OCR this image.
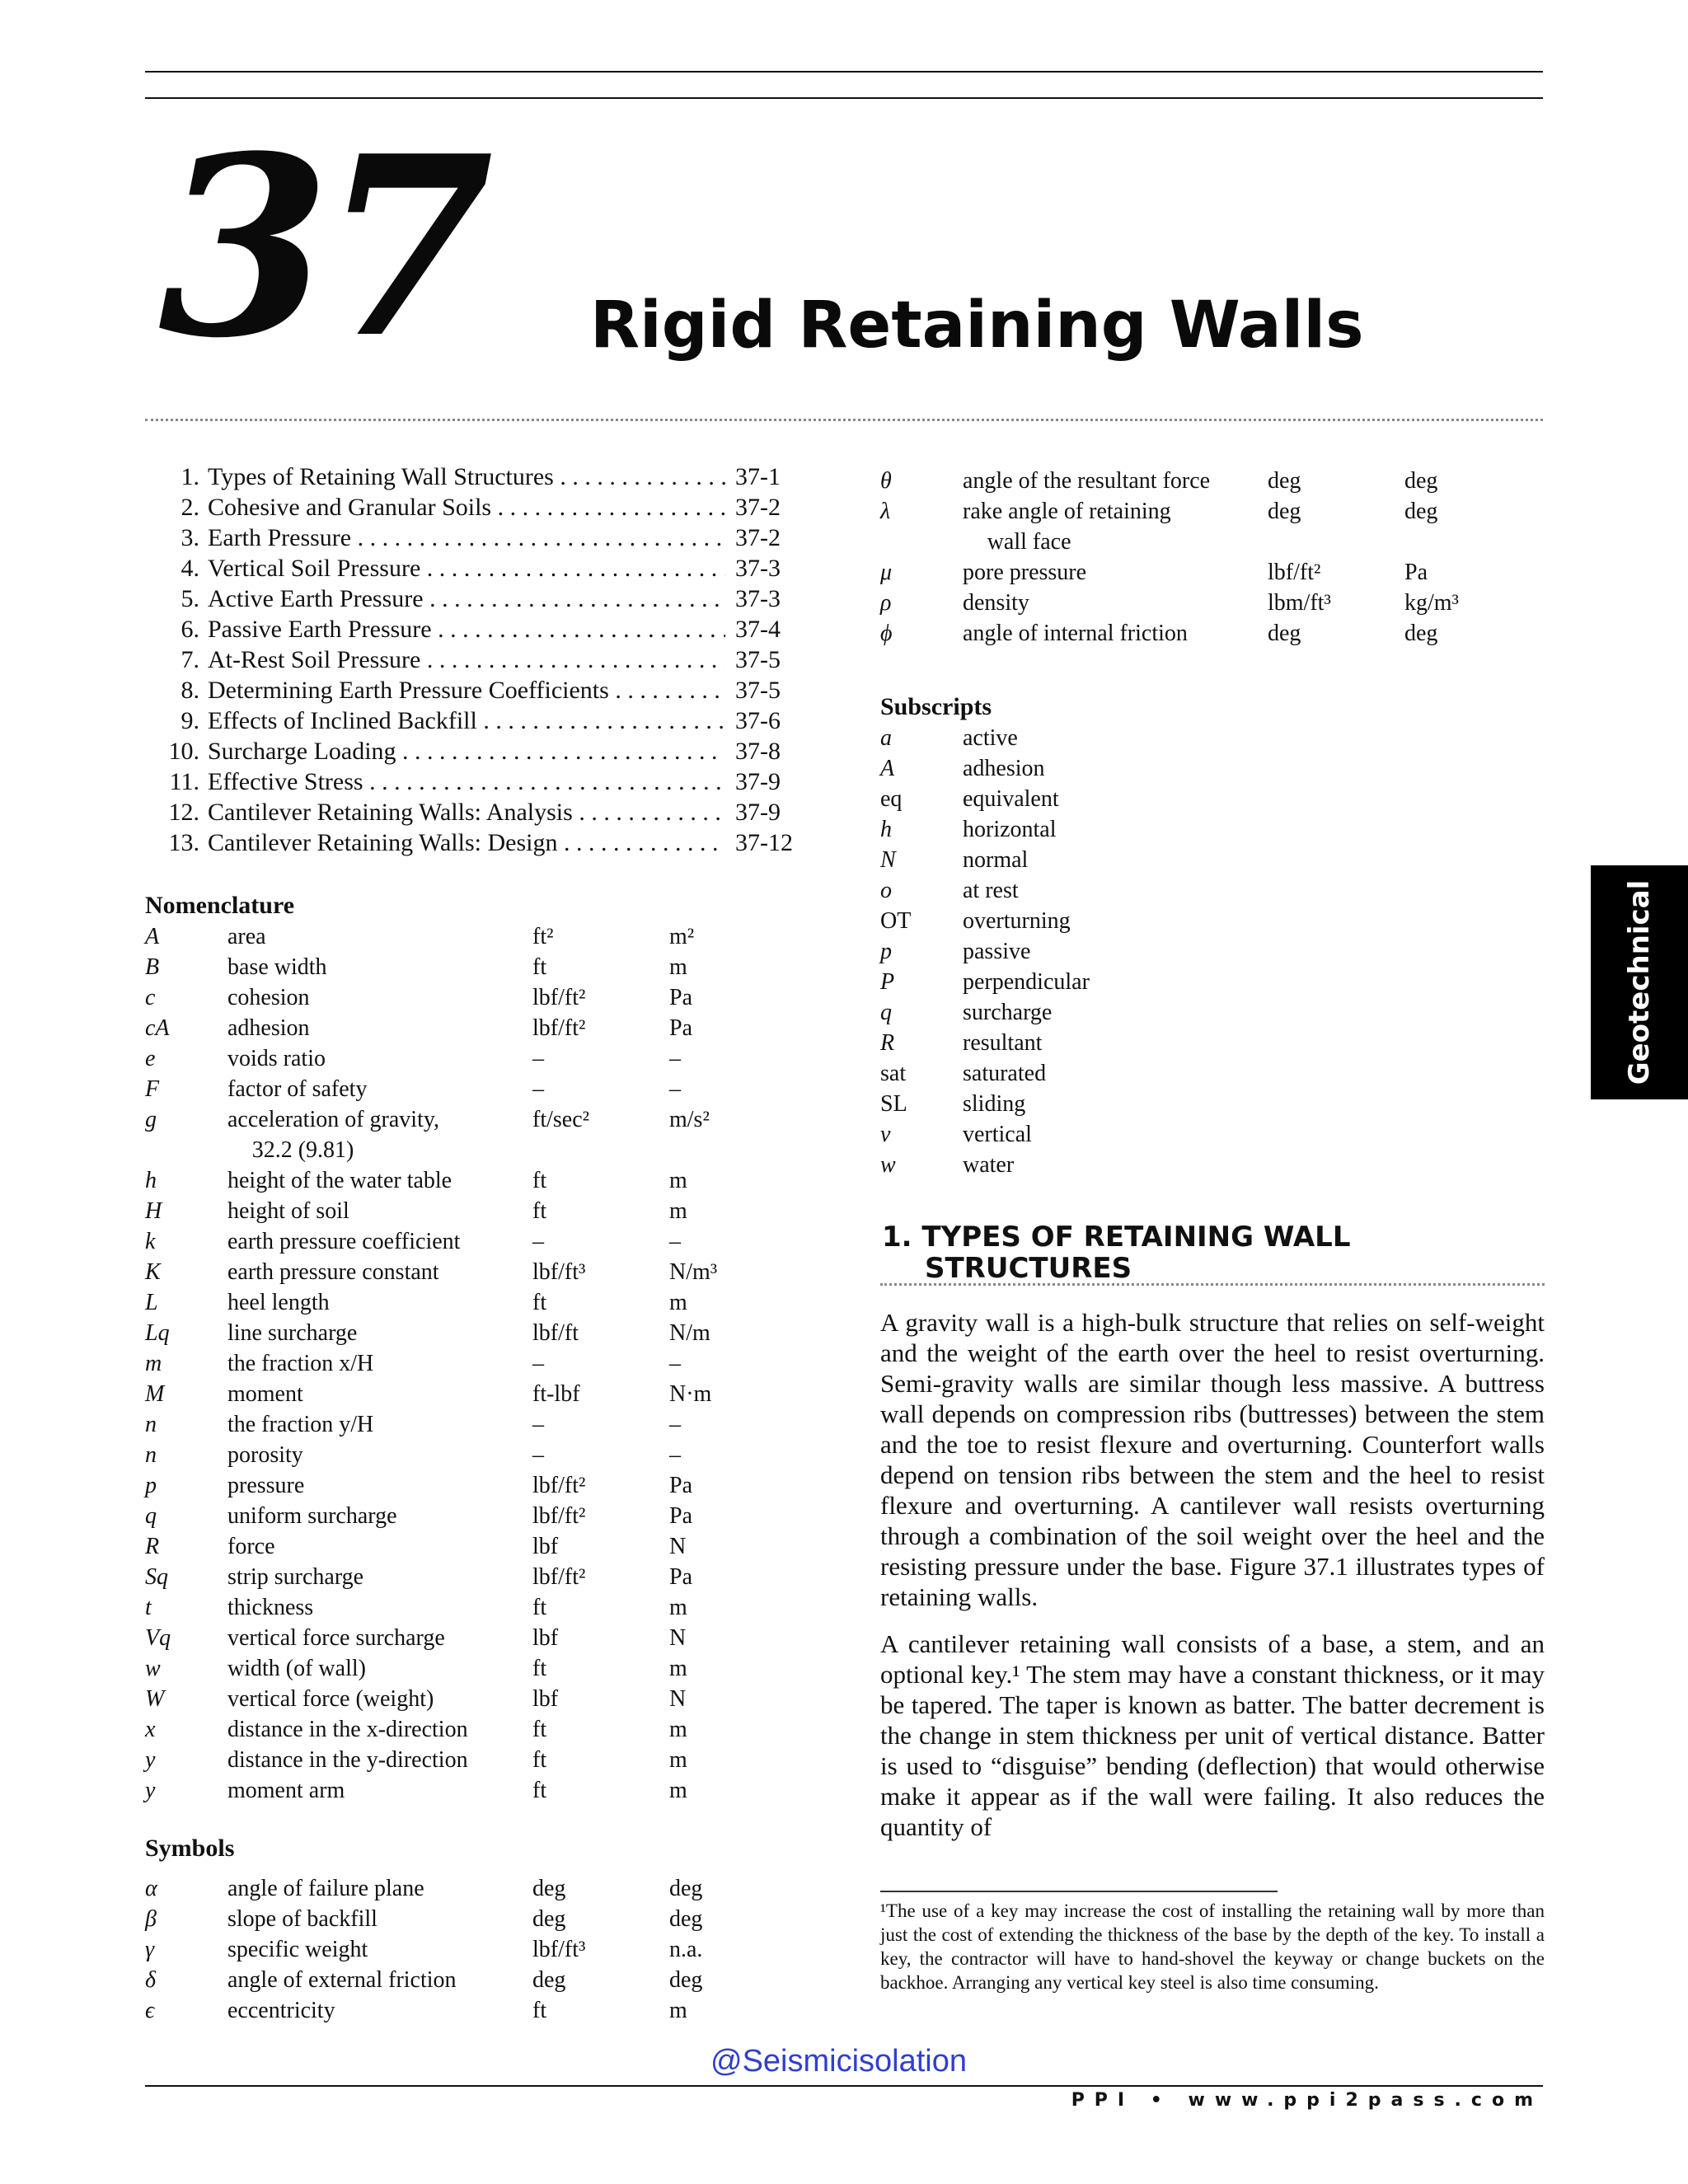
37 Rigid Retaining Walls
1. Types of Retaining Wall Structures . . .	37-1
2. Cohesive and Granular Soils . . .	37-2
3. Earth Pressure . . .	37-2
4. Vertical Soil Pressure . . .	37-3
5. Active Earth Pressure . . .	37-3
6. Passive Earth Pressure . . .	37-4
7. At-Rest Soil Pressure . . .	37-5
8. Determining Earth Pressure Coefficients . . .	37-5
9. Effects of Inclined Backfill . . .	37-6
10. Surcharge Loading . . .	37-8
11. Effective Stress . . .	37-9
12. Cantilever Retaining Walls: Analysis . . .	37-9
13. Cantilever Retaining Walls: Design . . .	37-12
Nomenclature
A	area	ft²	m²
B	base width	ft	m
c	cohesion	lbf/ft²	Pa
cA	adhesion	lbf/ft²	Pa
e	voids ratio	–	–
F	factor of safety	–	–
g	acceleration of gravity,	ft/sec²	m/s²
32.2 (9.81)
h	height of the water table	ft	m
H	height of soil	ft	m
k	earth pressure coefficient	–	–
K	earth pressure constant	lbf/ft³	N/m³
L	heel length	ft	m
Lq	line surcharge	lbf/ft	N/m
m	the fraction x/H	–	–
M	moment	ft-lbf	N·m
n	the fraction y/H	–	–
n	porosity	–	–
p	pressure	lbf/ft²	Pa
q	uniform surcharge	lbf/ft²	Pa
R	force	lbf	N
Sq	strip surcharge	lbf/ft²	Pa
t	thickness	ft	m
Vq	vertical force surcharge	lbf	N
w	width (of wall)	ft	m
W	vertical force (weight)	lbf	N
x	distance in the x-direction	ft	m
y	distance in the y-direction	ft	m
y	moment arm	ft	m
Symbols
α	angle of failure plane	deg	deg
β	slope of backfill	deg	deg
γ	specific weight	lbf/ft³	n.a.
δ	angle of external friction	deg	deg
ϵ	eccentricity	ft	m
θ	angle of the resultant force	deg	deg
λ	rake angle of retaining	deg	deg
wall face
μ	pore pressure	lbf/ft²	Pa
ρ	density	lbm/ft³	kg/m³
ϕ	angle of internal friction	deg	deg
Subscripts
a	active
A	adhesion
eq	equivalent
h	horizontal
N	normal
o	at rest
OT	overturning
p	passive
P	perpendicular
q	surcharge
R	resultant
sat	saturated
SL	sliding
v	vertical
w	water
1. TYPES OF RETAINING WALL
STRUCTURES

A gravity wall is a high-bulk structure that relies on self-weight and the weight of the earth over the heel to resist overturning. Semi-gravity walls are similar though less massive. A buttress wall depends on compression ribs (buttresses) between the stem and the toe to resist flexure and overturning. Counterfort walls depend on tension ribs between the stem and the heel to resist flexure and overturning. A cantilever wall resists overturning through a combination of the soil weight over the heel and the resisting pressure under the base. Figure 37.1 illustrates types of retaining walls.

A cantilever retaining wall consists of a base, a stem, and an optional key.¹ The stem may have a constant thickness, or it may be tapered. The taper is known as batter. The batter decrement is the change in stem thickness per unit of vertical distance. Batter is used to “disguise” bending (deflection) that would otherwise make it appear as if the wall were failing. It also reduces the quantity of

¹The use of a key may increase the cost of installing the retaining wall by more than just the cost of extending the thickness of the base by the depth of the key. To install a key, the contractor will have to hand-shovel the keyway or change buckets on the backhoe. Arranging any vertical key steel is also time consuming.
@Seismicisolation
PPI • www.ppi2pass.com
Geotechnical
